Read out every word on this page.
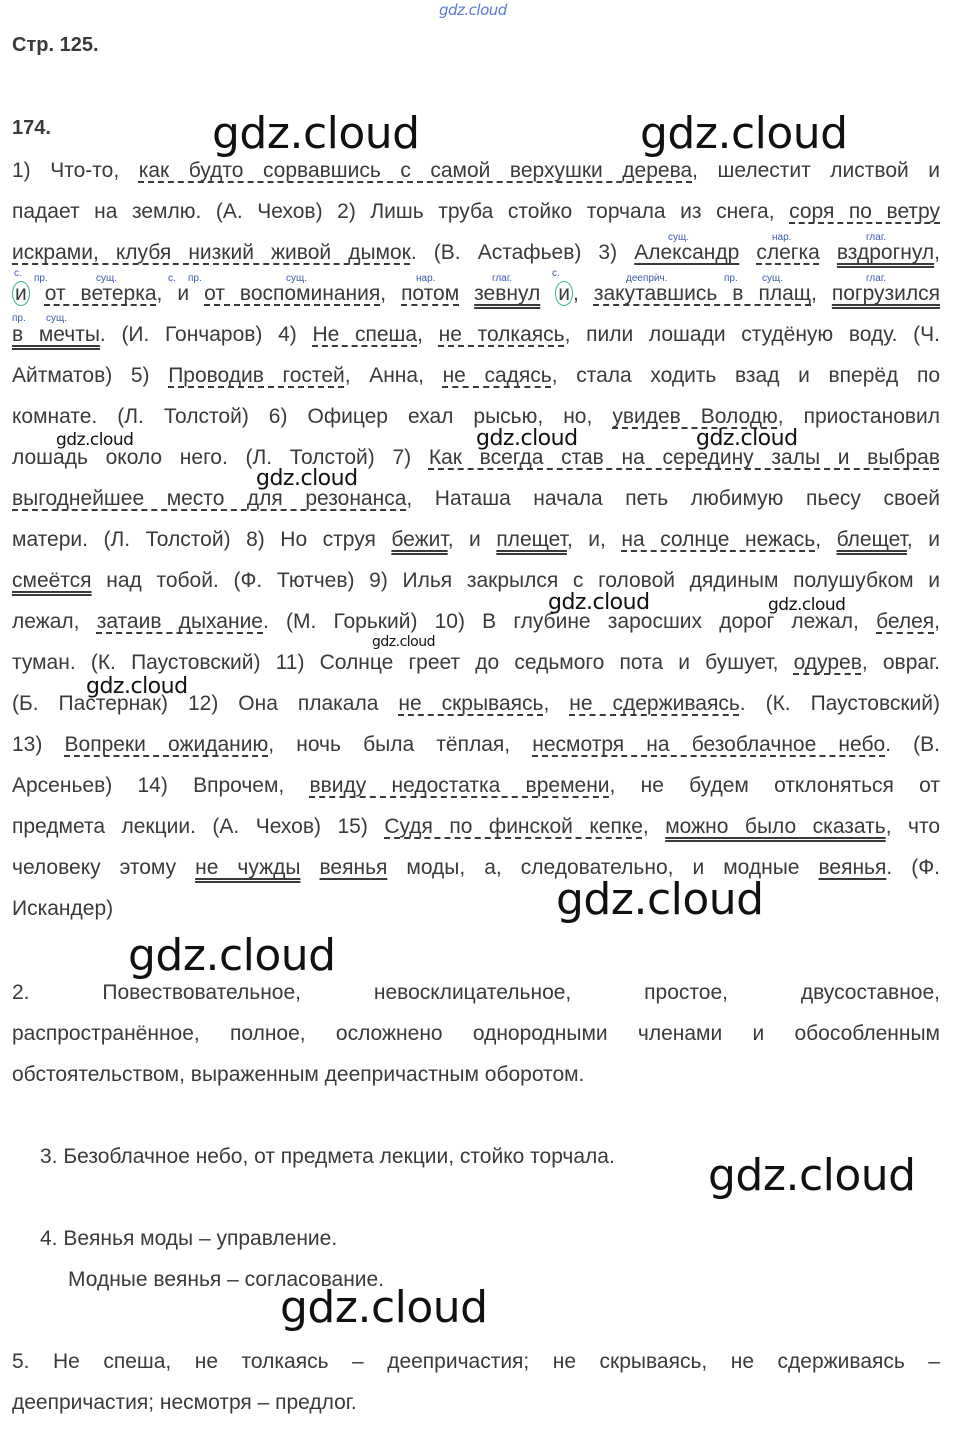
gdz.cloud
Стр. 125.
174.
1) Что-то, как будто сорвавшись с самой верхушки дерева, шелестит листвой и
падает на землю. (А. Чехов) 2) Лишь труба стойко торчала из снега, соря по ветру
искрами, клубя низкий живой дымок. (В. Астафьев) 3) Александр слегка вздрогнул,
и от ветерка, и от воспоминания, потом зевнул и , закутавшись в плащ, погрузился
в мечты. (И. Гончаров) 4) Не спеша, не толкаясь, пили лошади студёную воду. (Ч.
Айтматов) 5) Проводив гостей, Анна, не садясь, стала ходить взад и вперёд по
комнате. (Л. Толстой) 6) Офицер ехал рысью, но, увидев Володю, приостановил
лошадь около него. (Л. Толстой) 7) Как всегда став на середину залы и выбрав
выгоднейшее место для резонанса, Наташа начала петь любимую пьесу своей
матери. (Л. Толстой) 8) Но струя бежит, и плещет, и, на солнце нежась, блещет, и
смеётся над тобой. (Ф. Тютчев) 9) Илья закрылся с головой дядиным полушубком и
лежал, затаив дыхание. (М. Горький) 10) В глубине заросших дорог лежал, белея,
туман. (К. Паустовский) 11) Солнце греет до седьмого пота и бушует, одурев, овраг.
(Б. Пастернак) 12) Она плакала не скрываясь, не сдерживаясь. (К. Паустовский)
13) Вопреки ожиданию, ночь была тёплая, несмотря на безоблачное небо. (В.
Арсеньев) 14) Впрочем, ввиду недостатка времени, не будем отклоняться от
предмета лекции. (А. Чехов) 15) Судя по финской кепке, можно было сказать, что
человеку этому не чужды веянья моды, а, следовательно, и модные веянья. (Ф.
Искандер)
сущ.	нар.	глаг.
с. пр.	сущ.	с. пр.	сущ.	нар.	глаг.	с.	деепрѝч.	пр. сущ.	глаг.
пр. сущ.
2. Повествовательное, невосклицательное, простое, двусоставное,
распространённое, полное, осложнено однородными членами и обособленным
обстоятельством, выраженным деепричастным оборотом.
3. Безоблачное небо, от предмета лекции, стойко торчала.
4. Веянья моды – управление.
Модные веянья – согласование.
5. Не спеша, не толкаясь – деепричастия; не скрываясь, не сдерживаясь –
деепричастия; несмотря – предлог.
gdz.cloud	gdz.cloud
gdz.cloud	gdz.cloud	gdz.cloud
gdz.cloud
gdz.cloud	gdz.cloud
gdz.cloud
gdz.cloud
gdz.cloud
gdz.cloud
gdz.cloud
gdz.cloud
